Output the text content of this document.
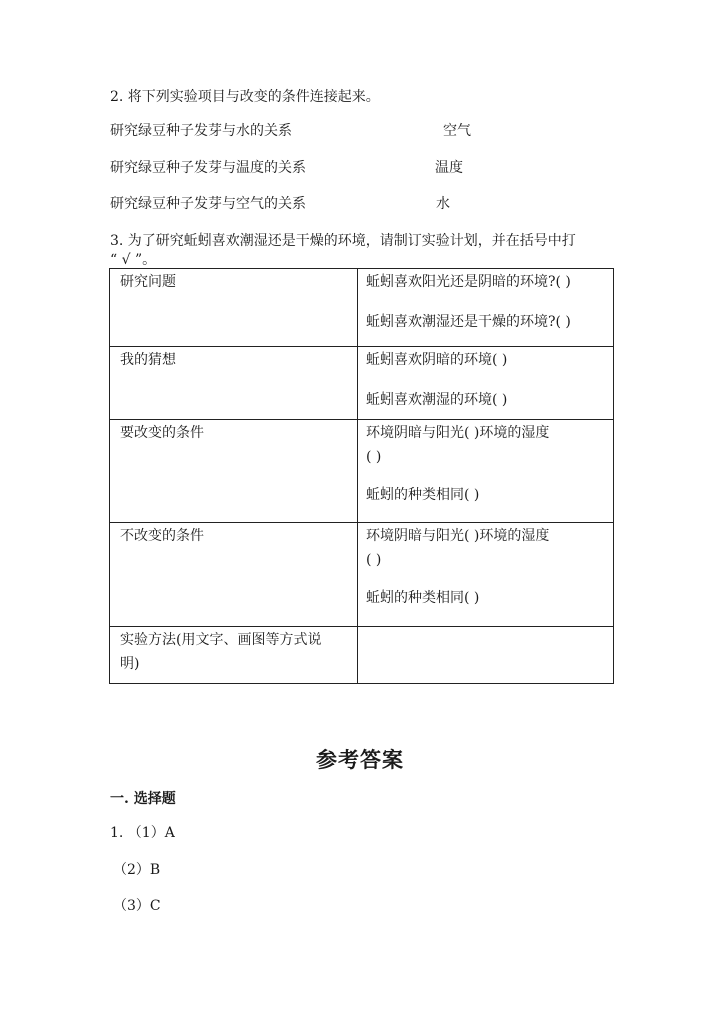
2. 将下列实验项目与改变的条件连接起来。
研究绿豆种子发芽与水的关系	空气
研究绿豆种子发芽与温度的关系	温度
研究绿豆种子发芽与空气的关系	水
3. 为了研究蚯蚓喜欢潮湿还是干燥的环境，请制订实验计划，并在括号中打
“ √ ”。
研究问题	蚯蚓喜欢阳光还是阴暗的环境?( )
蚯蚓喜欢潮湿还是干燥的环境?( )

我的猜想	蚯蚓喜欢阴暗的环境( )
蚯蚓喜欢潮湿的环境( )

要改变的条件	环境阴暗与阳光( )环境的湿度
( )
蚯蚓的种类相同( )

不改变的条件	环境阴暗与阳光( )环境的湿度
( )
蚯蚓的种类相同( )

实验方法(用文字、画图等方式说
明)	

参考答案
一. 选择题
1. （1）A
（2）B
（3）C
